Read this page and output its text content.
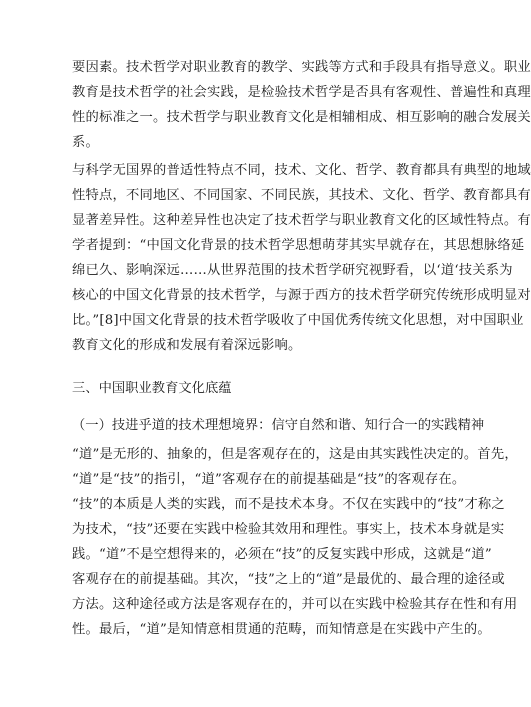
要因素。技术哲学对职业教育的教学、实践等方式和手段具有指导意义。职业
教育是技术哲学的社会实践，是检验技术哲学是否具有客观性、普遍性和真理
性的标准之一。技术哲学与职业教育文化是相辅相成、相互影响的融合发展关
系。
与科学无国界的普适性特点不同，技术、文化、哲学、教育都具有典型的地域
性特点，不同地区、不同国家、不同民族，其技术、文化、哲学、教育都具有
显著差异性。这种差异性也决定了技术哲学与职业教育文化的区域性特点。有
学者提到：“中国文化背景的技术哲学思想萌芽其实早就存在，其思想脉络延
绵已久、影响深远……从世界范围的技术哲学研究视野看，以‘道‘技关系为
核心的中国文化背景的技术哲学，与源于西方的技术哲学研究传统形成明显对
比。”[8]中国文化背景的技术哲学吸收了中国优秀传统文化思想，对中国职业
教育文化的形成和发展有着深远影响。
三、中国职业教育文化底蕴
（一）技进乎道的技术理想境界：信守自然和谐、知行合一的实践精神
“道”是无形的、抽象的，但是客观存在的，这是由其实践性决定的。首先，
“道”是“技”的指引，“道”客观存在的前提基础是“技”的客观存在。
“技”的本质是人类的实践，而不是技术本身。不仅在实践中的“技”才称之
为技术，“技”还要在实践中检验其效用和理性。事实上，技术本身就是实
践。“道”不是空想得来的，必须在“技”的反复实践中形成，这就是“道”
客观存在的前提基础。其次，“技”之上的“道”是最优的、最合理的途径或
方法。这种途径或方法是客观存在的，并可以在实践中检验其存在性和有用
性。最后，“道”是知情意相贯通的范畴，而知情意是在实践中产生的。
